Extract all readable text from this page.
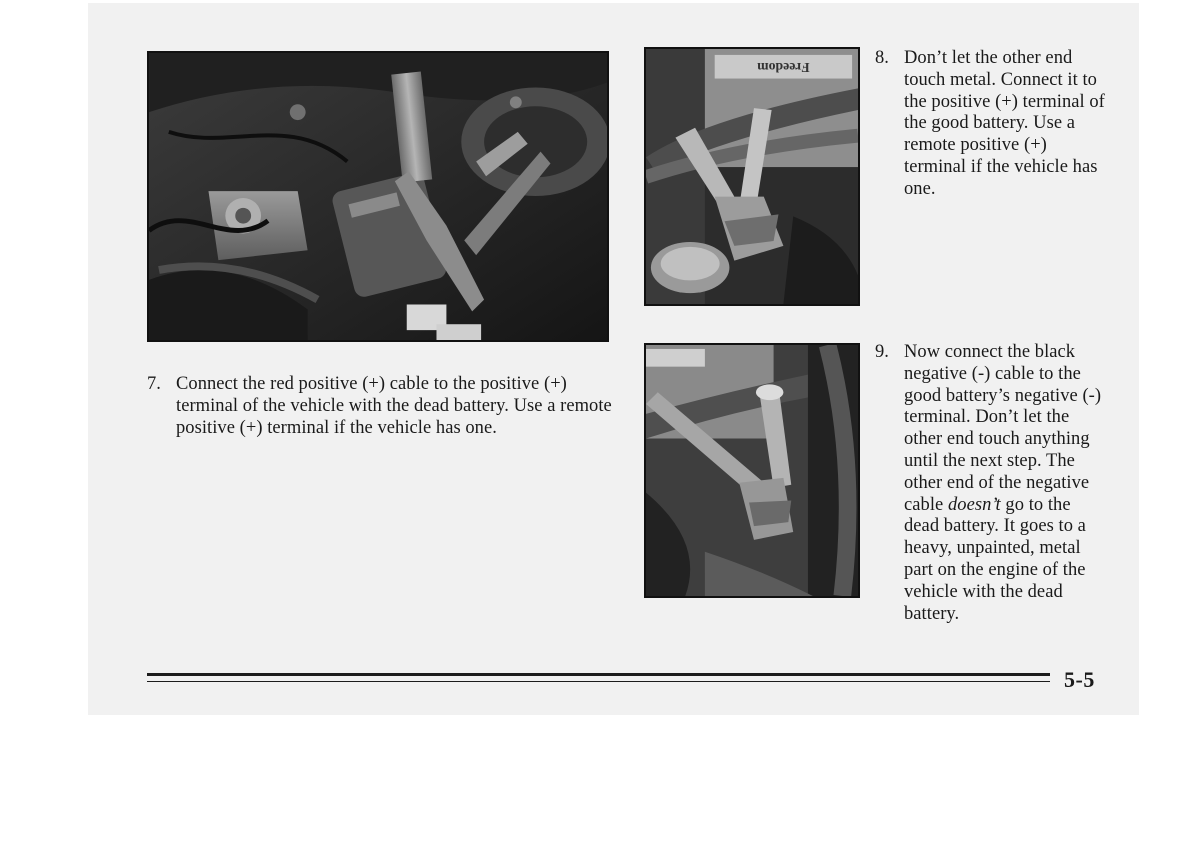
Freedom
7. Connect the red positive (+) cable to the positive (+) terminal of the vehicle with the dead battery. Use a remote positive (+) terminal if the vehicle has one.
8. Don’t let the other end touch metal. Connect it to the positive (+) terminal of the good battery. Use a remote positive (+) terminal if the vehicle has one.
9. Now connect the black negative (-) cable to the good battery’s negative (-) terminal. Don’t let the other end touch anything until the next step. The other end of the negative cable doesn’t go to the dead battery. It goes to a heavy, unpainted, metal part on the engine of the vehicle with the dead battery.
5-5
